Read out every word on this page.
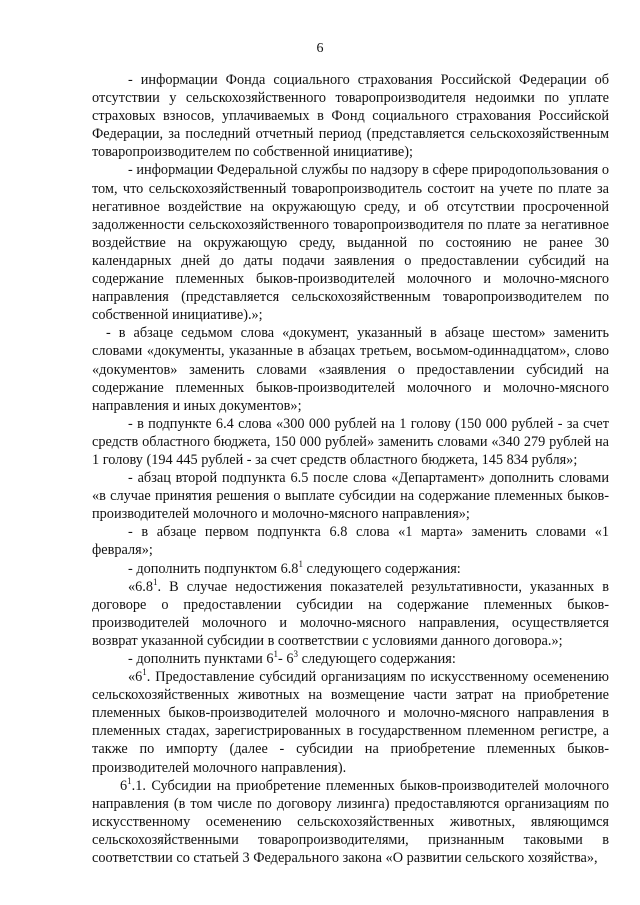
6

- информации Фонда социального страхования Российской Федерации об отсутствии у сельскохозяйственного товаропроизводителя недоимки по уплате страховых взносов, уплачиваемых в Фонд социального страхования Российской Федерации, за последний отчетный период (представляется сельскохозяйственным товаропроизводителем по собственной инициативе);

- информации Федеральной службы по надзору в сфере природопользования о том, что сельскохозяйственный товаропроизводитель состоит на учете по плате за негативное воздействие на окружающую среду, и об отсутствии просроченной задолженности сельскохозяйственного товаропроизводителя по плате за негативное воздействие на окружающую среду, выданной по состоянию не ранее 30 календарных дней до даты подачи заявления о предоставлении субсидий на содержание племенных быков-производителей молочного и молочно-мясного направления (представляется сельскохозяйственным товаропроизводителем по собственной инициативе).»;

- в абзаце седьмом слова «документ, указанный в абзаце шестом» заменить словами «документы, указанные в абзацах третьем, восьмом-одиннадцатом», слово «документов» заменить словами «заявления о предоставлении субсидий на содержание племенных быков-производителей молочного и молочно-мясного направления и иных документов»;

- в подпункте 6.4 слова «300 000 рублей на 1 голову (150 000 рублей - за счет средств областного бюджета, 150 000 рублей» заменить словами «340 279 рублей на 1 голову (194 445 рублей - за счет средств областного бюджета, 145 834 рубля»;

- абзац второй подпункта 6.5 после слова «Департамент» дополнить словами «в случае принятия решения о выплате субсидии на содержание племенных быков-производителей молочного и молочно-мясного направления»;

- в абзаце первом подпункта 6.8 слова «1 марта» заменить словами «1 февраля»;

- дополнить подпунктом $6.8^1$ следующего содержания:

«$6.8^1$. В случае недостижения показателей результативности, указанных в договоре о предоставлении субсидии на содержание племенных быков-производителей молочного и молочно-мясного направления, осуществляется возврат указанной субсидии в соответствии с условиями данного договора.»;

- дополнить пунктами $6^1-$ $6^3$ следующего содержания:

«$6^1$. Предоставление субсидий организациям по искусственному осеменению сельскохозяйственных животных на возмещение части затрат на приобретение племенных быков-производителей молочного и молочно-мясного направления в племенных стадах, зарегистрированных в государственном племенном регистре, а также по импорту (далее - субсидии на приобретение племенных быков-производителей молочного направления).

$6^1.1$. Субсидии на приобретение племенных быков-производителей молочного направления (в том числе по договору лизинга) предоставляются организациям по искусственному осеменению сельскохозяйственных животных, являющимся сельскохозяйственными товаропроизводителями, признанным таковыми в соответствии со статьей 3 Федерального закона «О развитии сельского хозяйства»,
